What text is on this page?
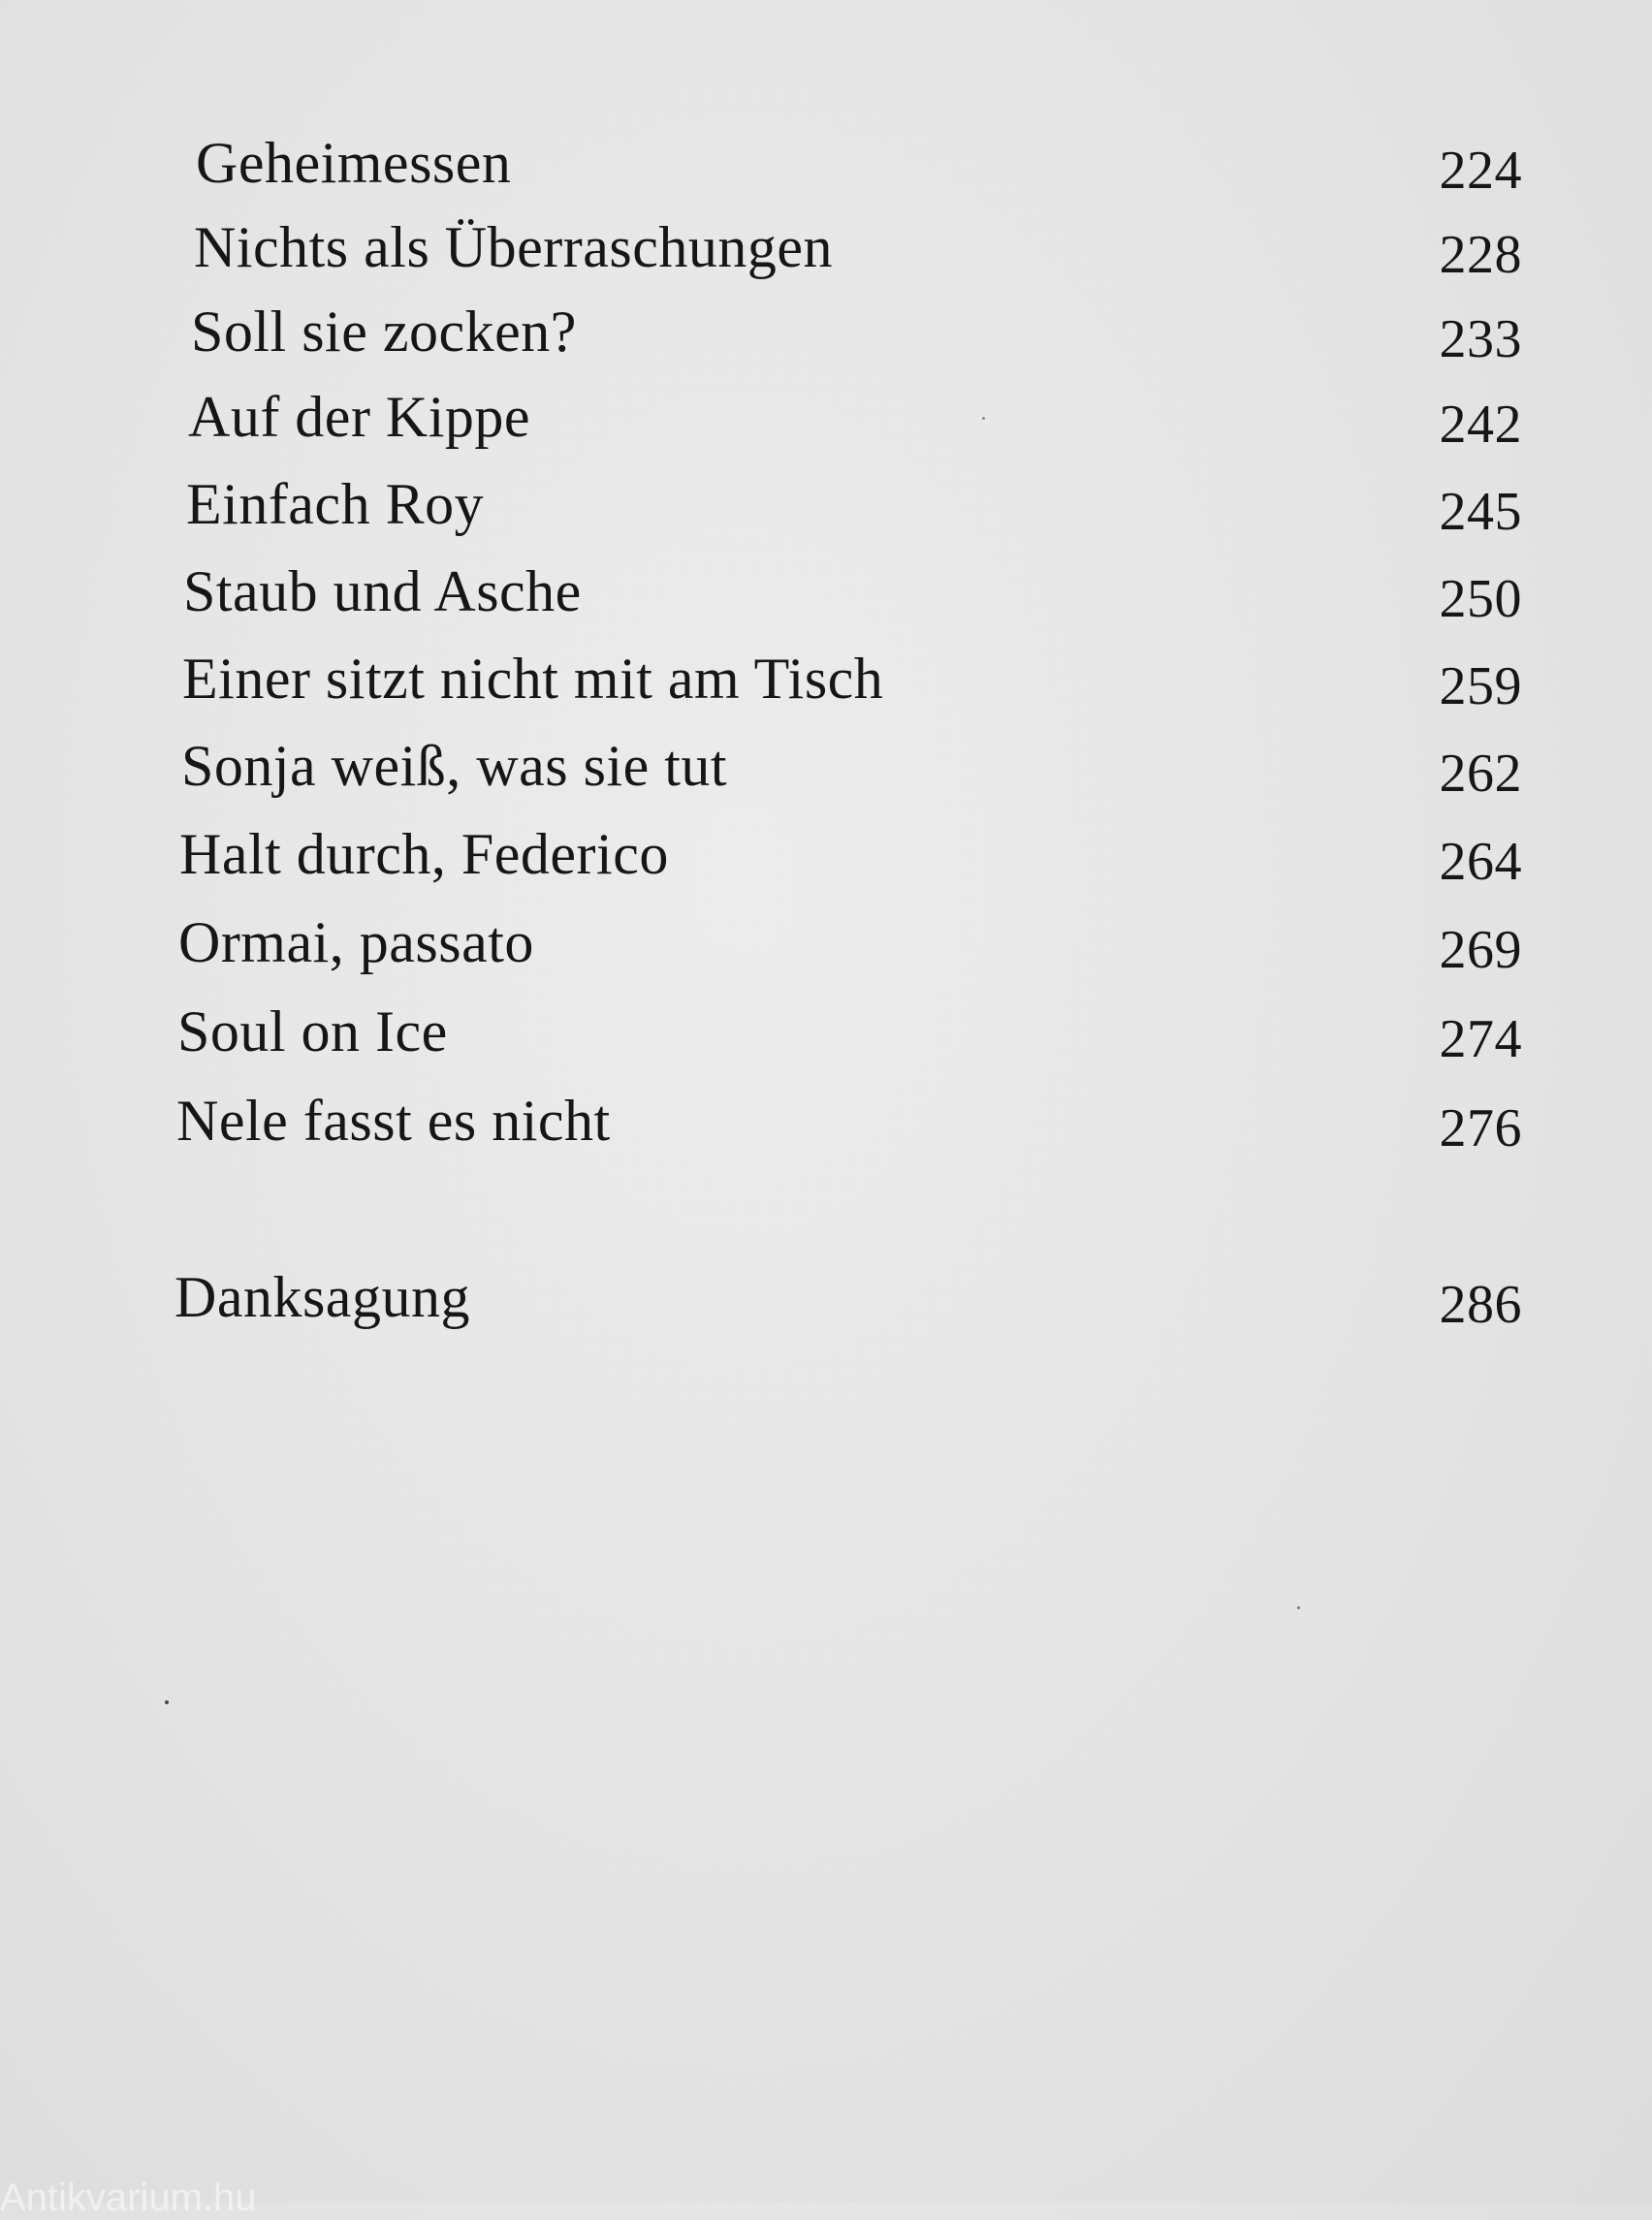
Geheimessen	224
Nichts als Überraschungen	228
Soll sie zocken?	233
Auf der Kippe	242
Einfach Roy	245
Staub und Asche	250
Einer sitzt nicht mit am Tisch	259
Sonja weiß, was sie tut	262
Halt durch, Federico	264
Ormai, passato	269
Soul on Ice	274
Nele fasst es nicht	276
Danksagung	286
Antikvarium.hu
